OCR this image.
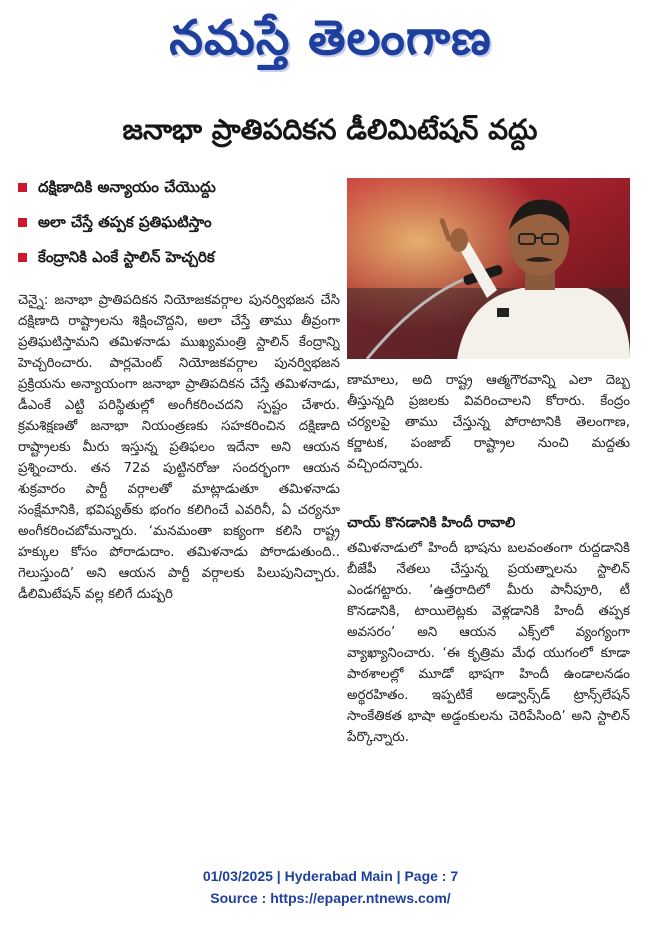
నమస్తే తెలంగాణ
జనాభా ప్రాతిపదికన డీలిమిటేషన్ వద్దు
దక్షిణాదికి అన్యాయం చేయొద్దు
అలా చేస్తే తప్పక ప్రతిఘటిస్తాం
కేంద్రానికి ఎంకే స్టాలిన్ హెచ్చరిక
చెన్నై: జనాభా ప్రాతిపదికన నియోజకవర్గాల పునర్విభజన చేసి దక్షిణాది రాష్ట్రాలను శిక్షించొద్దని, అలా చేస్తే తాము తీవ్రంగా ప్రతిఘటిస్తామని తమిళనాడు ముఖ్యమంత్రి స్టాలిన్ కేంద్రాన్ని హెచ్చరించారు. పార్లమెంట్ నియోజకవర్గాల పునర్విభజన ప్రక్రియను అన్యాయంగా జనాభా ప్రాతిపదికన చేస్తే తమిళనాడు, డీఎంకే ఎట్టి పరిస్థితుల్లో అంగీకరించదని స్పష్టం చేశారు. క్రమశిక్షణతో జనాభా నియంత్రణకు సహకరించిన దక్షిణాది రాష్ట్రాలకు మీరు ఇస్తున్న ప్రతిఫలం ఇదేనా అని ఆయన ప్రశ్నించారు. తన 72వ పుట్టినరోజు సందర్భంగా ఆయన శుక్రవారం పార్టీ వర్గాలతో మాట్లాడుతూ తమిళనాడు సంక్షేమానికి, భవిష్యత్‌కు భంగం కలిగించే ఎవరినీ, ఏ చర్యనూ అంగీకరించబోమన్నారు. ‘మనమంతా ఐక్యంగా కలిసి రాష్ట్ర హక్కుల కోసం పోరాడుదాం. తమిళనాడు పోరాడుతుంది.. గెలుస్తుంది’ అని ఆయన పార్టీ వర్గాలకు పిలుపునిచ్చారు. డీలిమిటేషన్ వల్ల కలిగే దుష్పరి
ణామాలు, అది రాష్ట్ర ఆత్మగౌరవాన్ని ఎలా దెబ్బ తీస్తున్నది ప్రజలకు వివరించాలని కోరారు. కేంద్రం చర్యలపై తాము చేస్తున్న పోరాటానికి తెలంగాణ, కర్ణాటక, పంజాబ్ రాష్ట్రాల నుంచి మద్దతు వచ్చిందన్నారు.
చాయ్ కొనడానికి హిందీ రావాలి
తమిళనాడులో హిందీ భాషను బలవంతంగా రుద్దడానికి బీజేపీ నేతలు చేస్తున్న ప్రయత్నాలను స్టాలిన్ ఎండగట్టారు. ‘ఉత్తరాదిలో మీరు పానీపూరి, టీ కొనడానికి, టాయిలెట్లకు వెళ్లడానికి హిందీ తప్పక అవసరం’ అని ఆయన ఎక్స్‌లో వ్యంగ్యంగా వ్యాఖ్యానించారు. ‘ఈ కృత్రిమ మేధ యుగంలో కూడా పాఠశాలల్లో మూడో భాషగా హిందీ ఉండాలనడం అర్థరహితం. ఇప్పటికే అడ్వాన్స్‌డ్ ట్రాన్స్‌లేషన్ సాంకేతికత భాషా అడ్డంకులను చెరిపేసింది’ అని స్టాలిన్ పేర్కొన్నారు.
01/03/2025 | Hyderabad Main | Page : 7
Source : https://epaper.ntnews.com/
